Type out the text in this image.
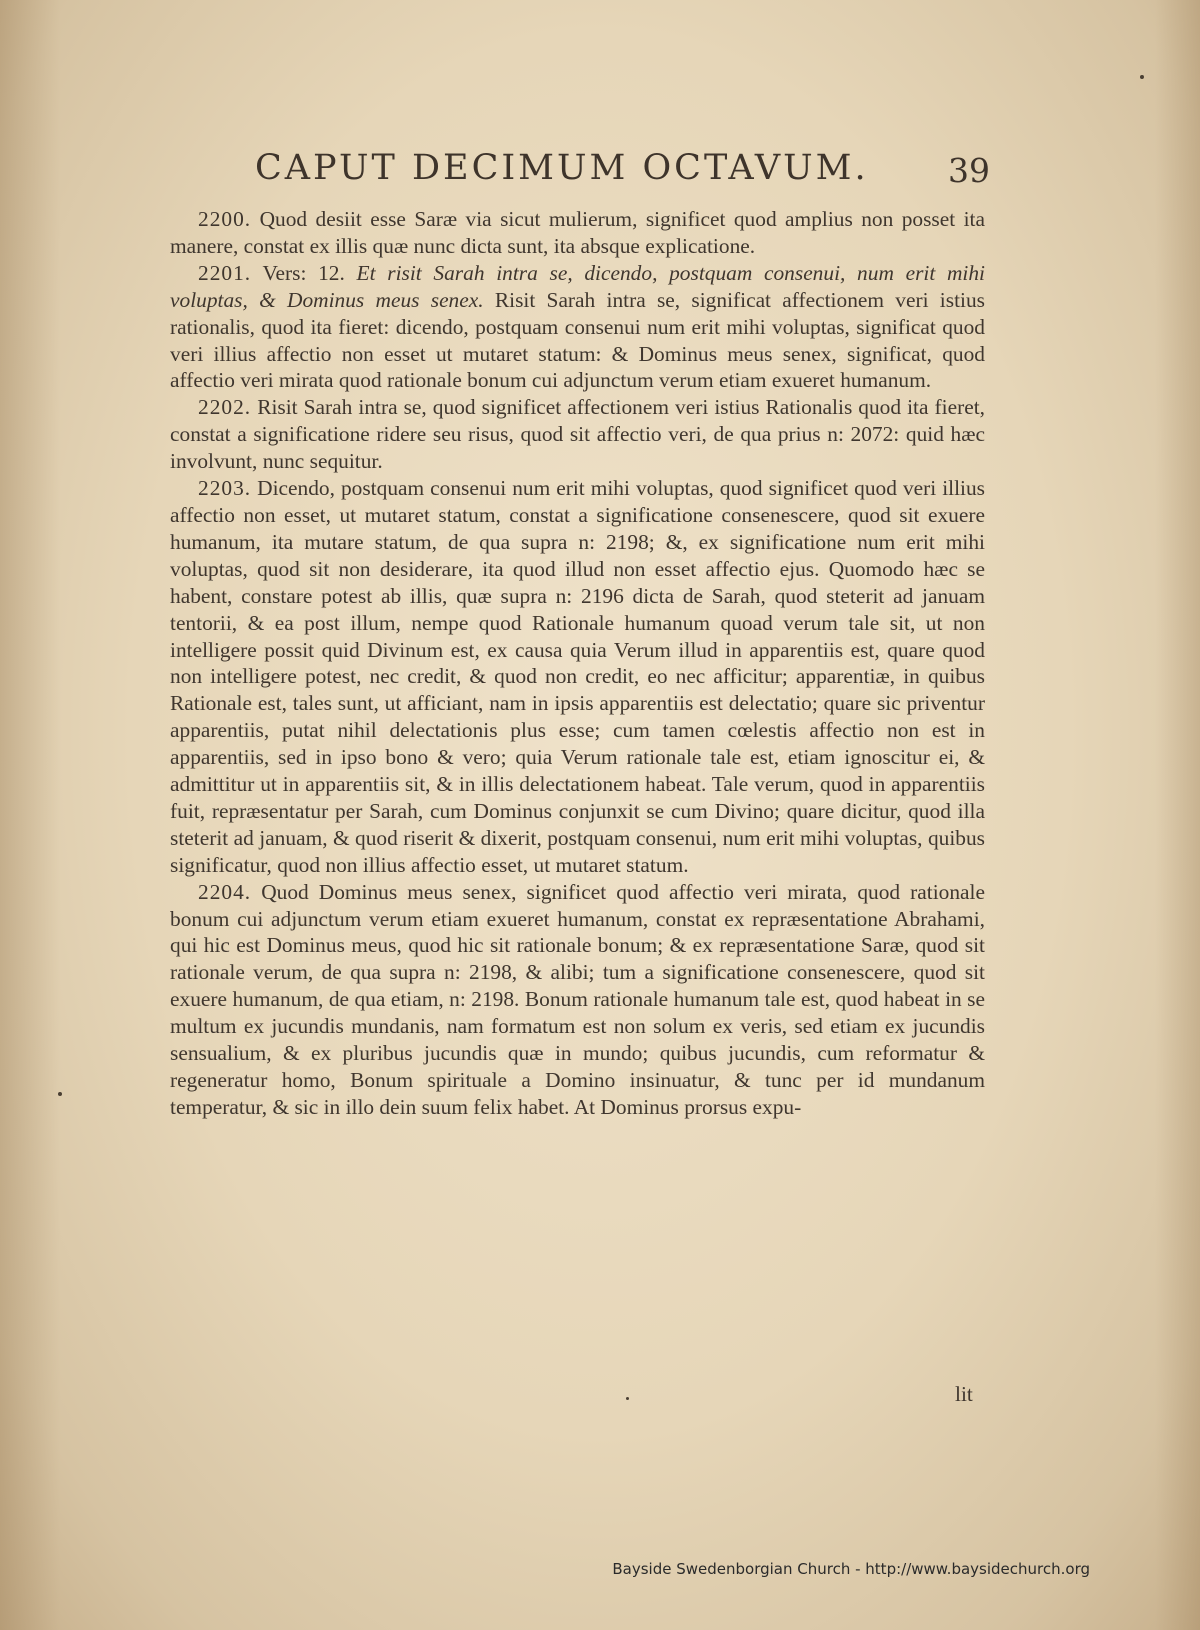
CAPUT DECIMUM OCTAVUM. 39

2200. Quod desiit esse Saræ via sicut mulierum, significet quod amplius non posset ita manere, constat ex illis quæ nunc dicta sunt, ita absque explicatione.

2201. Vers: 12. Et risit Sarah intra se, dicendo, postquam consenui, num erit mihi voluptas, & Dominus meus senex. Risit Sarah intra se, significat affectionem veri istius rationalis, quod ita fieret: dicendo, postquam consenui num erit mihi voluptas, significat quod veri illius affectio non esset ut mutaret statum: & Dominus meus senex, significat, quod affectio veri mirata quod rationale bonum cui adjunctum verum etiam exueret humanum.

2202. Risit Sarah intra se, quod significet affectionem veri istius Rationalis quod ita fieret, constat a significatione ridere seu risus, quod sit affectio veri, de qua prius n: 2072: quid hæc involvunt, nunc sequitur.

2203. Dicendo, postquam consenui num erit mihi voluptas, quod significet quod veri illius affectio non esset, ut mutaret statum, constat a significatione consenescere, quod sit exuere humanum, ita mutare statum, de qua supra n: 2198; &, ex significatione num erit mihi voluptas, quod sit non desiderare, ita quod illud non esset affectio ejus. Quomodo hæc se habent, constare potest ab illis, quæ supra n: 2196 dicta de Sarah, quod steterit ad januam tentorii, & ea post illum, nempe quod Rationale humanum quoad verum tale sit, ut non intelligere possit quid Divinum est, ex causa quia Verum illud in apparentiis est, quare quod non intelligere potest, nec credit, & quod non credit, eo nec afficitur; apparentiæ, in quibus Rationale est, tales sunt, ut afficiant, nam in ipsis apparentiis est delectatio; quare sic priventur apparentiis, putat nihil delectationis plus esse; cum tamen cœlestis affectio non est in apparentiis, sed in ipso bono & vero; quia Verum rationale tale est, etiam ignoscitur ei, & admittitur ut in apparentiis sit, & in illis delectationem habeat. Tale verum, quod in apparentiis fuit, repræsentatur per Sarah, cum Dominus conjunxit se cum Divino; quare dicitur, quod illa steterit ad januam, & quod riserit & dixerit, postquam consenui, num erit mihi voluptas, quibus significatur, quod non illius affectio esset, ut mutaret statum.

2204. Quod Dominus meus senex, significet quod affectio veri mirata, quod rationale bonum cui adjunctum verum etiam exueret humanum, constat ex repræsentatione Abrahami, qui hic est Dominus meus, quod hic sit rationale bonum; & ex repræsentatione Saræ, quod sit rationale verum, de qua supra n: 2198, & alibi; tum a significatione consenescere, quod sit exuere humanum, de qua etiam, n: 2198. Bonum rationale humanum tale est, quod habeat in se multum ex jucundis mundanis, nam formatum est non solum ex veris, sed etiam ex jucundis sensualium, & ex pluribus jucundis quæ in mundo; quibus jucundis, cum reformatur & regeneratur homo, Bonum spirituale a Domino insinuatur, & tunc per id mundanum temperatur, & sic in illo dein suum felix habet. At Dominus prorsus expu-

lit
Bayside Swedenborgian Church - http://www.baysidechurch.org
